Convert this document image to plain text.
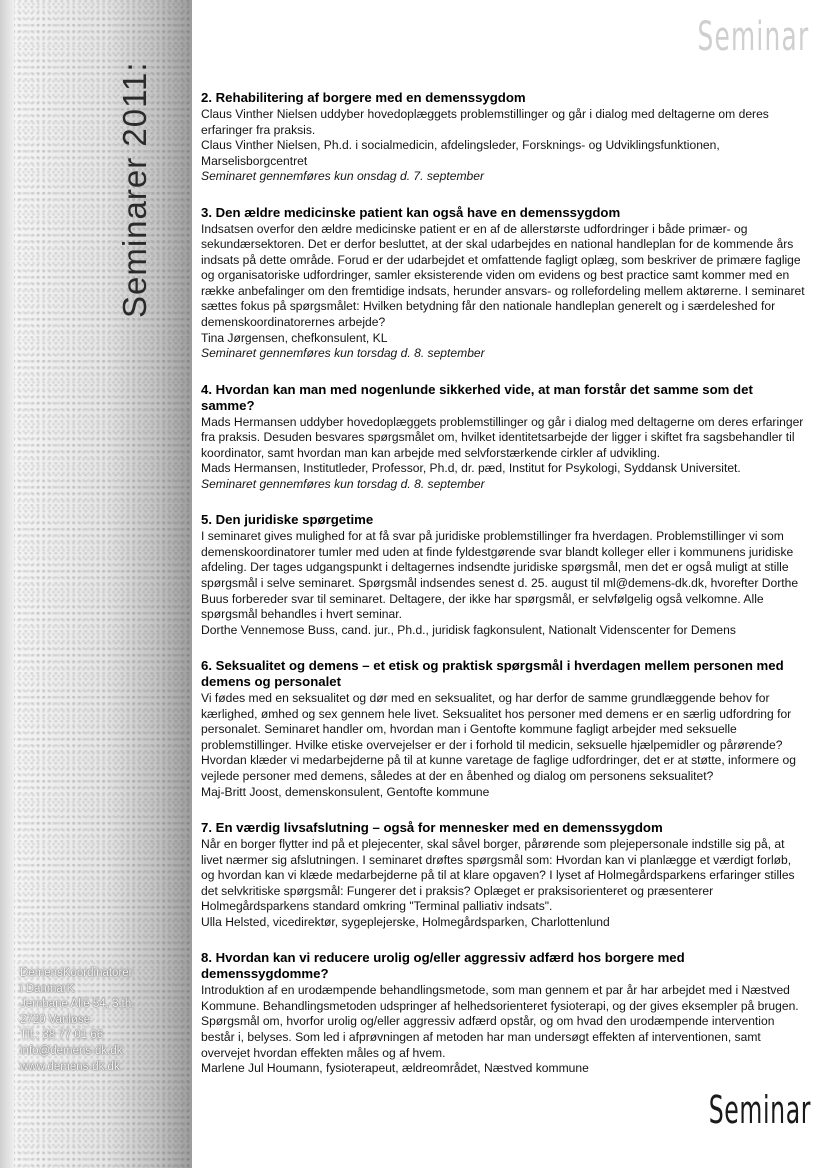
Seminarer 2011:
DemensKoordinatorer
i DanmarK
Jernbane Allé 54, 3.th.
2720 Vanløse
Tlf.: 38 77 01 66
info@demens-dk.dk
www.demens-dk.dk
Seminar
2. Rehabilitering af borgere med en demenssygdom

Claus Vinther Nielsen uddyber hovedoplæggets problemstillinger og går i dialog med deltagerne om deres erfaringer fra praksis.

Claus Vinther Nielsen, Ph.d. i socialmedicin, afdelingsleder, Forsknings- og Udviklingsfunktionen, Marselisborgcentret

Seminaret gennemføres kun onsdag d. 7. september

3. Den ældre medicinske patient kan også have en demenssygdom

Indsatsen overfor den ældre medicinske patient er en af de allerstørste udfordringer i både primær- og sekundærsektoren. Det er derfor besluttet, at der skal udarbejdes en national handleplan for de kommende års indsats på dette område. Forud er der udarbejdet et omfattende fagligt oplæg, som beskriver de primære faglige og organisatoriske udfordringer, samler eksisterende viden om evidens og best practice samt kommer med en række anbefalinger om den fremtidige indsats, herunder ansvars- og rollefordeling mellem aktørerne. I seminaret sættes fokus på spørgsmålet: Hvilken betydning får den nationale handleplan generelt og i særdeleshed for demenskoordinatorernes arbejde?

Tina Jørgensen, chefkonsulent, KL

Seminaret gennemføres kun torsdag d. 8. september

4. Hvordan kan man med nogenlunde sikkerhed vide, at man forstår det samme som det samme?

Mads Hermansen uddyber hovedoplæggets problemstillinger og går i dialog med deltagerne om deres erfaringer fra praksis. Desuden besvares spørgsmålet om, hvilket identitetsarbejde der ligger i skiftet fra sagsbehandler til koordinator, samt hvordan man kan arbejde med selvforstærkende cirkler af udvikling.

Mads Hermansen, Institutleder, Professor, Ph.d, dr. pæd, Institut for Psykologi, Syddansk Universitet.

Seminaret gennemføres kun torsdag d. 8. september

5. Den juridiske spørgetime

I seminaret gives mulighed for at få svar på juridiske problemstillinger fra hverdagen. Problemstillinger vi som demenskoordinatorer tumler med uden at finde fyldestgørende svar blandt kolleger eller i kommunens juridiske afdeling. Der tages udgangspunkt i deltagernes indsendte juridiske spørgsmål, men det er også muligt at stille spørgsmål i selve seminaret. Spørgsmål indsendes senest d. 25. august til ml@demens-dk.dk, hvorefter Dorthe Buus forbereder svar til seminaret. Deltagere, der ikke har spørgsmål, er selvfølgelig også velkomne. Alle spørgsmål behandles i hvert seminar.

Dorthe Vennemose Buss, cand. jur., Ph.d., juridisk fagkonsulent, Nationalt Videnscenter for Demens

6. Seksualitet og demens – et etisk og praktisk spørgsmål i hverdagen mellem personen med demens og personalet

Vi fødes med en seksualitet og dør med en seksualitet, og har derfor de samme grundlæggende behov for kærlighed, ømhed og sex gennem hele livet. Seksualitet hos personer med demens er en særlig udfordring for personalet. Seminaret handler om, hvordan man i Gentofte kommune fagligt arbejder med seksuelle problemstillinger. Hvilke etiske overvejelser er der i forhold til medicin, seksuelle hjælpemidler og pårørende? Hvordan klæder vi medarbejderne på til at kunne varetage de faglige udfordringer, det er at støtte, informere og vejlede personer med demens, således at der en åbenhed og dialog om personens seksualitet?

Maj-Britt Joost, demenskonsulent, Gentofte kommune

7. En værdig livsafslutning – også for mennesker med en demenssygdom

Når en borger flytter ind på et plejecenter, skal såvel borger, pårørende som plejepersonale indstille sig på, at livet nærmer sig afslutningen. I seminaret drøftes spørgsmål som: Hvordan kan vi planlægge et værdigt forløb, og hvordan kan vi klæde medarbejderne på til at klare opgaven? I lyset af Holmegårdsparkens erfaringer stilles det selvkritiske spørgsmål: Fungerer det i praksis? Oplæget er praksisorienteret og præsenterer Holmegårdsparkens standard omkring "Terminal palliativ indsats".

Ulla Helsted, vicedirektør, sygeplejerske, Holmegårdsparken, Charlottenlund

8. Hvordan kan vi reducere urolig og/eller aggressiv adfærd hos borgere med demenssygdomme?

Introduktion af en urodæmpende behandlingsmetode, som man gennem et par år har arbejdet med i Næstved Kommune. Behandlingsmetoden udspringer af helhedsorienteret fysioterapi, og der gives eksempler på brugen. Spørgsmål om, hvorfor urolig og/eller aggressiv adfærd opstår, og om hvad den urodæmpende intervention består i, belyses. Som led i afprøvningen af metoden har man undersøgt effekten af interventionen, samt overvejet hvordan effekten måles og af hvem.

Marlene Jul Houmann, fysioterapeut, ældreområdet, Næstved kommune

Seminar
